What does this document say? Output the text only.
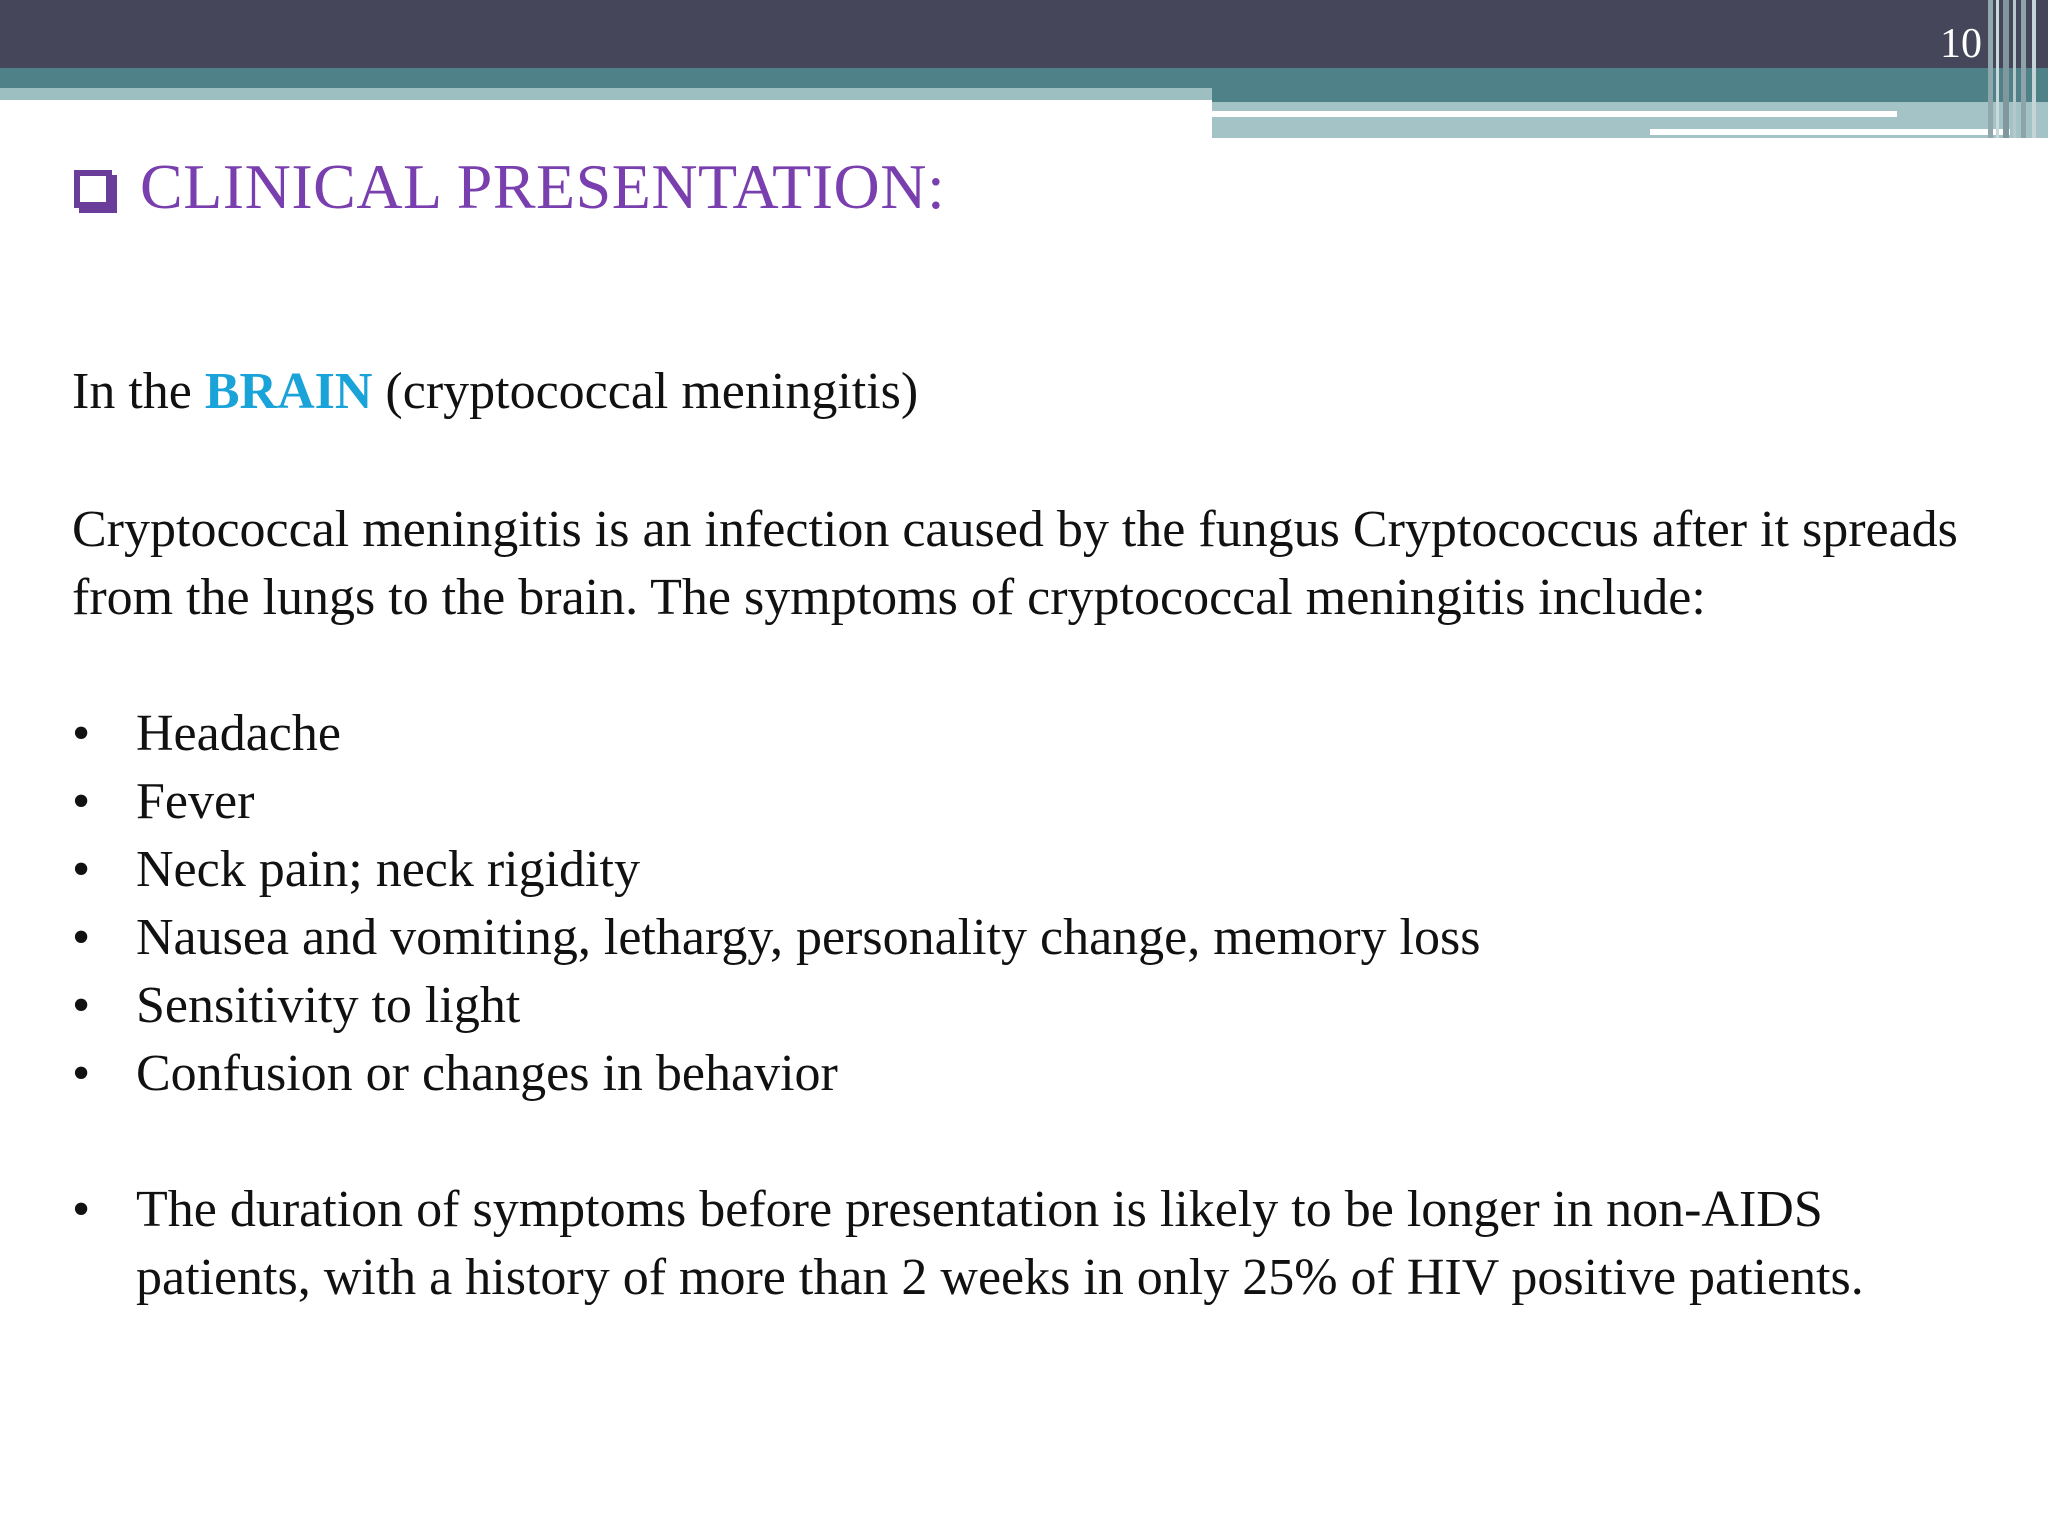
10
CLINICAL PRESENTATION:

In the BRAIN (cryptococcal meningitis)

Cryptococcal meningitis is an infection caused by the fungus Cryptococcus after it spreads from the lungs to the brain. The symptoms of cryptococcal meningitis include:

• Headache
• Fever
• Neck pain; neck rigidity
• Nausea and vomiting, lethargy, personality change, memory loss
• Sensitivity to light
• Confusion or changes in behavior
• The duration of symptoms before presentation is likely to be longer in non-AIDS patients, with a history of more than 2 weeks in only 25% of HIV positive patients.
